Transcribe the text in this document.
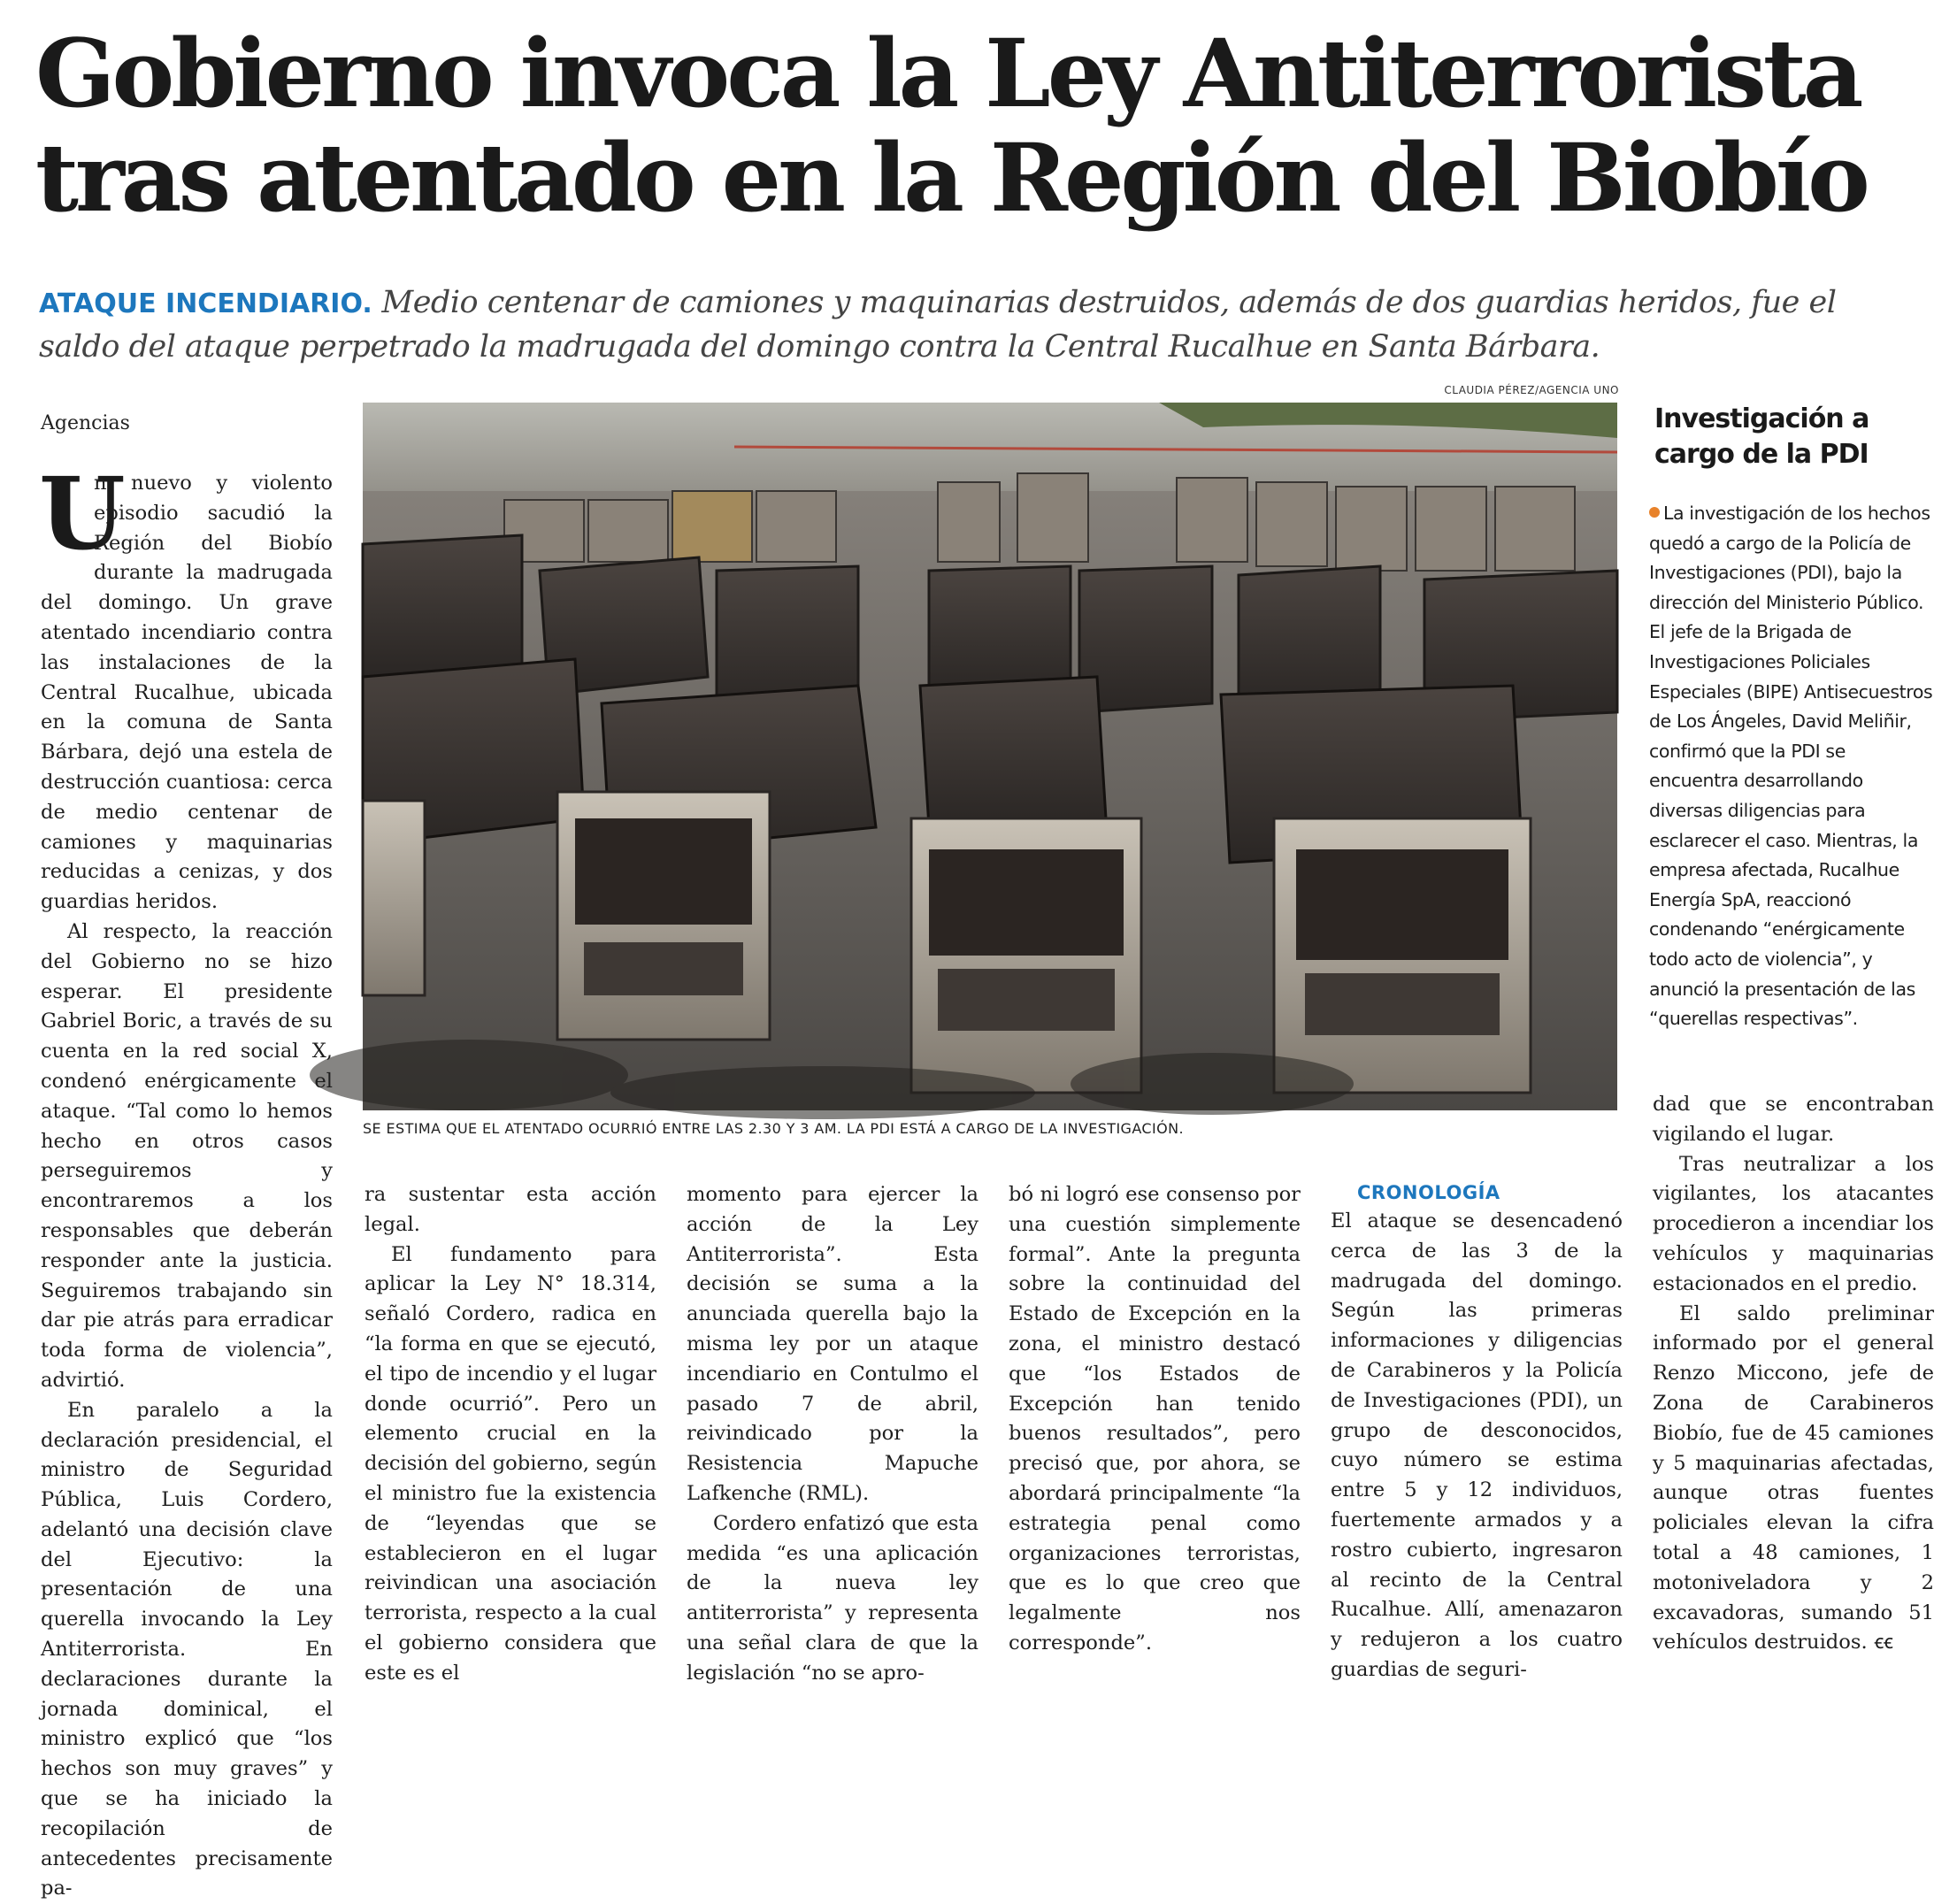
Gobierno invoca la Ley Antiterrorista
tras atentado en la Región del Biobío
ATAQUE INCENDIARIO. Medio centenar de camiones y maquinarias destruidos, además de dos guardias heridos, fue el saldo del ataque perpetrado la madrugada del domingo contra la Central Rucalhue en Santa Bárbara.
CLAUDIA PÉREZ/AGENCIA UNO
SE ESTIMA QUE EL ATENTADO OCURRIÓ ENTRE LAS 2.30 Y 3 AM. LA PDI ESTÁ A CARGO DE LA INVESTIGACIÓN.
Agencias

U
n nuevo y violento episodio sacudió la Región del Biobío durante la madrugada del domingo. Un grave atentado incendiario contra las instalaciones de la Central Rucalhue, ubicada en la comuna de Santa Bárbara, dejó una estela de destrucción cuantiosa: cerca de medio centenar de camiones y maquinarias reducidas a cenizas, y dos guardias heridos.

Al respecto, la reacción del Gobierno no se hizo esperar. El presidente Gabriel Boric, a través de su cuenta en la red social X, condenó enérgicamente el ataque. “Tal como lo hemos hecho en otros casos perseguiremos y encontraremos a los responsables que deberán responder ante la justicia. Seguiremos trabajando sin dar pie atrás para erradicar toda forma de violencia”, advirtió.

En paralelo a la declaración presidencial, el ministro de Seguridad Pública, Luis Cordero, adelantó una decisión clave del Ejecutivo: la presentación de una querella invocando la Ley Antiterrorista. En declaraciones durante la jornada dominical, el ministro explicó que “los hechos son muy graves” y que se ha iniciado la recopilación de antecedentes precisamente pa-

ra sustentar esta acción legal.

El fundamento para aplicar la Ley N° 18.314, señaló Cordero, radica en “la forma en que se ejecutó, el tipo de incendio y el lugar donde ocurrió”. Pero un elemento crucial en la decisión del gobierno, según el ministro fue la existencia de “leyendas que se establecieron en el lugar reivindican una asociación terrorista, respecto a la cual el gobierno considera que este es el

momento para ejercer la acción de la Ley Antiterrorista”. Esta decisión se suma a la anunciada querella bajo la misma ley por un ataque incendiario en Contulmo el pasado 7 de abril, reivindicado por la Resistencia Mapuche Lafkenche (RML).

Cordero enfatizó que esta medida “es una aplicación de la nueva ley antiterrorista” y representa una señal clara de que la legislación “no se apro-

bó ni logró ese consenso por una cuestión simplemente formal”. Ante la pregunta sobre la continuidad del Estado de Excepción en la zona, el ministro destacó que “los Estados de Excepción han tenido buenos resultados”, pero precisó que, por ahora, se abordará principalmente “la estrategia penal como organizaciones terroristas, que es lo que creo que legalmente nos corresponde”.

CRONOLOGÍA

El ataque se desencadenó cerca de las 3 de la madrugada del domingo. Según las primeras informaciones y diligencias de Carabineros y la Policía de Investigaciones (PDI), un grupo de desconocidos, cuyo número se estima entre 5 y 12 individuos, fuertemente armados y a rostro cubierto, ingresaron al recinto de la Central Rucalhue. Allí, amenazaron y redujeron a los cuatro guardias de seguri-

dad que se encontraban vigilando el lugar.

Tras neutralizar a los vigilantes, los atacantes procedieron a incendiar los vehículos y maquinarias estacionados en el predio.

El saldo preliminar informado por el general Renzo Miccono, jefe de Zona de Carabineros Biobío, fue de 45 camiones y 5 maquinarias afectadas, aunque otras fuentes policiales elevan la cifra total a 48 camiones, 1 motoniveladora y 2 excavadoras, sumando 51 vehículos destruidos. ꞓꞓ

Investigación a cargo de la PDI
La investigación de los hechos quedó a cargo de la Policía de Investigaciones (PDI), bajo la dirección del Ministerio Público. El jefe de la Brigada de Investigaciones Policiales Especiales (BIPE) Antisecuestros de Los Ángeles, David Meliñir, confirmó que la PDI se encuentra desarrollando diversas diligencias para esclarecer el caso. Mientras, la empresa afectada, Rucalhue Energía SpA, reaccionó condenando “enérgicamente todo acto de violencia”, y anunció la presentación de las “querellas respectivas”.
